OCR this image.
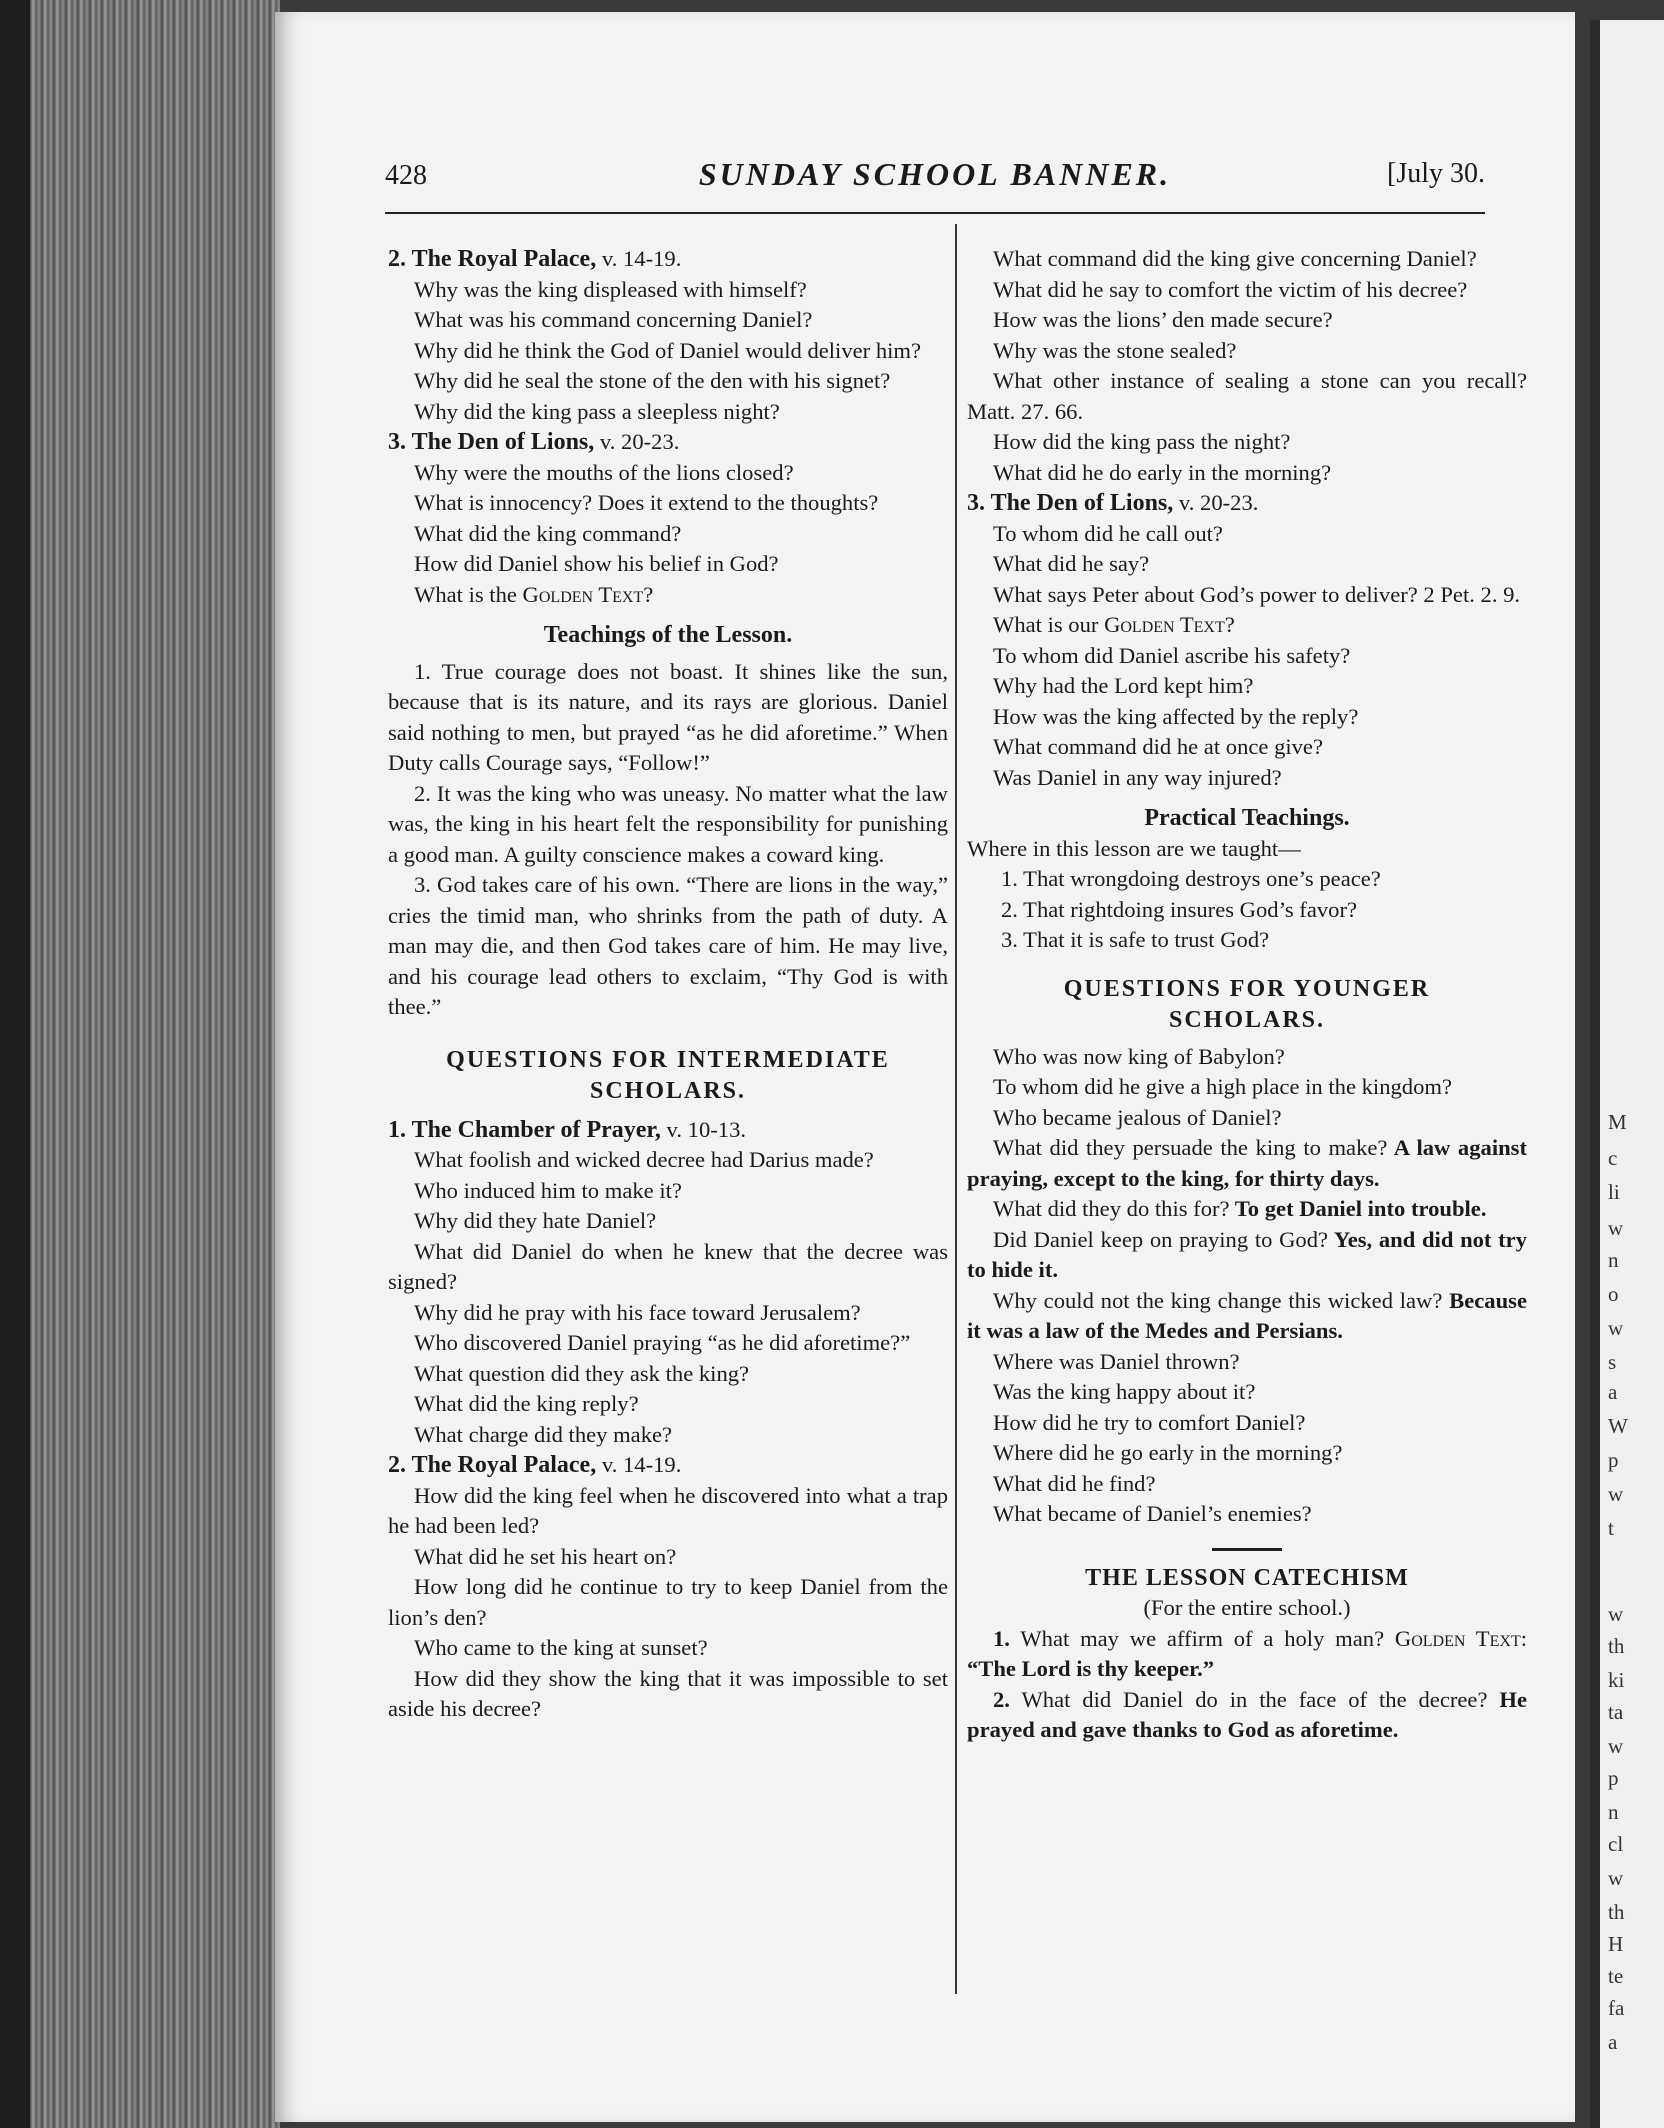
428	SUNDAY SCHOOL BANNER.	[July 30.

2. The Royal Palace, v. 14-19.

Why was the king displeased with himself?

What was his command concerning Daniel?

Why did he think the God of Daniel would deliver him?

Why did he seal the stone of the den with his signet?

Why did the king pass a sleepless night?

3. The Den of Lions, v. 20-23.

Why were the mouths of the lions closed?

What is innocency? Does it extend to the thoughts?

What did the king command?

How did Daniel show his belief in God?

What is the Golden Text?

Teachings of the Lesson.

1. True courage does not boast. It shines like the sun, because that is its nature, and its rays are glorious. Daniel said nothing to men, but prayed “as he did aforetime.” When Duty calls Courage says, “Follow!”

2. It was the king who was uneasy. No matter what the law was, the king in his heart felt the responsibility for punishing a good man. A guilty conscience makes a coward king.

3. God takes care of his own. “There are lions in the way,” cries the timid man, who shrinks from the path of duty. A man may die, and then God takes care of him. He may live, and his courage lead others to exclaim, “Thy God is with thee.”

QUESTIONS FOR INTERMEDIATE SCHOLARS.

1. The Chamber of Prayer, v. 10-13.

What foolish and wicked decree had Darius made?

Who induced him to make it?

Why did they hate Daniel?

What did Daniel do when he knew that the decree was signed?

Why did he pray with his face toward Jerusalem?

Who discovered Daniel praying “as he did aforetime?”

What question did they ask the king?

What did the king reply?

What charge did they make?

2. The Royal Palace, v. 14-19.

How did the king feel when he discovered into what a trap he had been led?

What did he set his heart on?

How long did he continue to try to keep Daniel from the lion’s den?

Who came to the king at sunset?

How did they show the king that it was impossible to set aside his decree?

What command did the king give concerning Daniel?

What did he say to comfort the victim of his decree?

How was the lions’ den made secure?

Why was the stone sealed?

What other instance of sealing a stone can you recall? Matt. 27. 66.

How did the king pass the night?

What did he do early in the morning?

3. The Den of Lions, v. 20-23.

To whom did he call out?

What did he say?

What says Peter about God’s power to deliver? 2 Pet. 2. 9.

What is our Golden Text?

To whom did Daniel ascribe his safety?

Why had the Lord kept him?

How was the king affected by the reply?

What command did he at once give?

Was Daniel in any way injured?

Practical Teachings.

Where in this lesson are we taught—

1. That wrongdoing destroys one’s peace?

2. That rightdoing insures God’s favor?

3. That it is safe to trust God?

QUESTIONS FOR YOUNGER SCHOLARS.

Who was now king of Babylon?

To whom did he give a high place in the kingdom?

Who became jealous of Daniel?

What did they persuade the king to make? A law against praying, except to the king, for thirty days.

What did they do this for? To get Daniel into trouble.

Did Daniel keep on praying to God? Yes, and did not try to hide it.

Why could not the king change this wicked law? Because it was a law of the Medes and Persians.

Where was Daniel thrown?

Was the king happy about it?

How did he try to comfort Daniel?

Where did he go early in the morning?

What did he find?

What became of Daniel’s enemies?

THE LESSON CATECHISM

(For the entire school.)

1. What may we affirm of a holy man? Golden Text: “The Lord is thy keeper.”

2. What did Daniel do in the face of the decree? He prayed and gave thanks to God as aforetime.

M
c
li
w
n
o
w
s
a
W
p
w
t
w
th
ki
ta
w
p
n
cl
w
th
H
te
fa
a
